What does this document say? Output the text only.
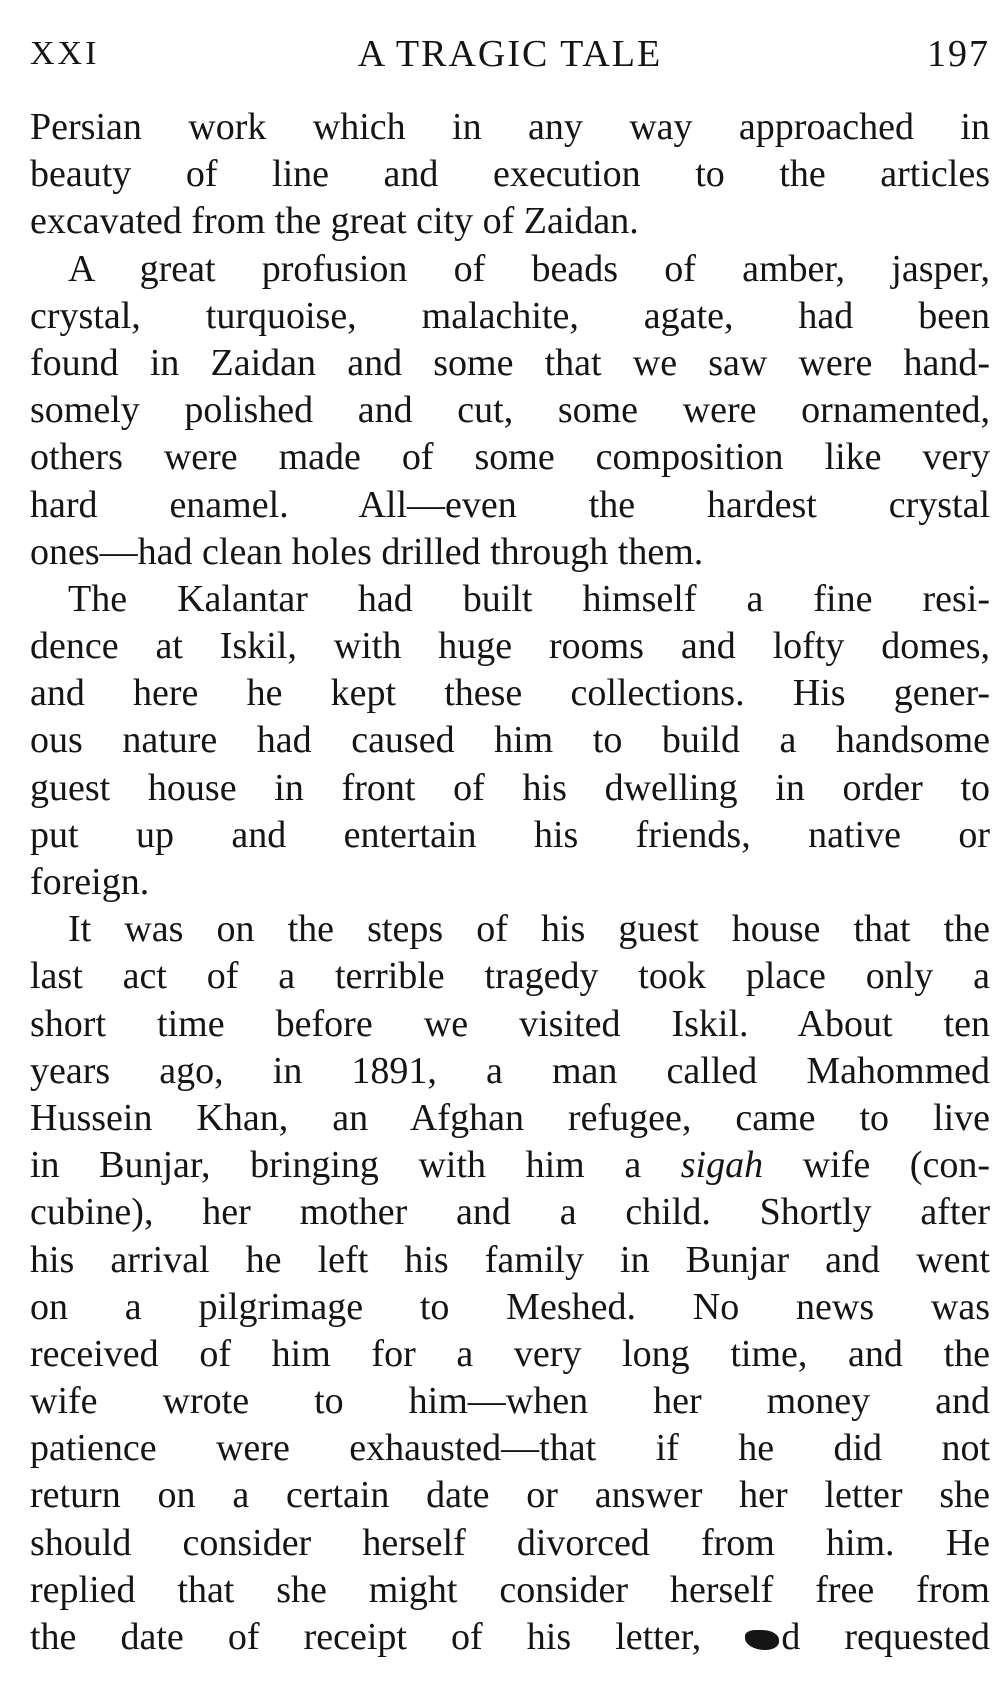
XXI	A TRAGIC TALE	197
Persian work which in any way approached in
beauty of line and execution to the articles
excavated from the great city of Zaidan.
A great profusion of beads of amber, jasper,
crystal, turquoise, malachite, agate, had been
found in Zaidan and some that we saw were hand-
somely polished and cut, some were ornamented,
others were made of some composition like very
hard enamel. All—even the hardest crystal
ones—had clean holes drilled through them.
The Kalantar had built himself a fine resi-
dence at Iskil, with huge rooms and lofty domes,
and here he kept these collections. His gener-
ous nature had caused him to build a handsome
guest house in front of his dwelling in order to
put up and entertain his friends, native or
foreign.
It was on the steps of his guest house that the
last act of a terrible tragedy took place only a
short time before we visited Iskil. About ten
years ago, in 1891, a man called Mahommed
Hussein Khan, an Afghan refugee, came to live
in Bunjar, bringing with him a sigah wife (con-
cubine), her mother and a child. Shortly after
his arrival he left his family in Bunjar and went
on a pilgrimage to Meshed. No news was
received of him for a very long time, and the
wife wrote to him—when her money and
patience were exhausted—that if he did not
return on a certain date or answer her letter she
should consider herself divorced from him. He
replied that she might consider herself free from
the date of receipt of his letter, d requested
